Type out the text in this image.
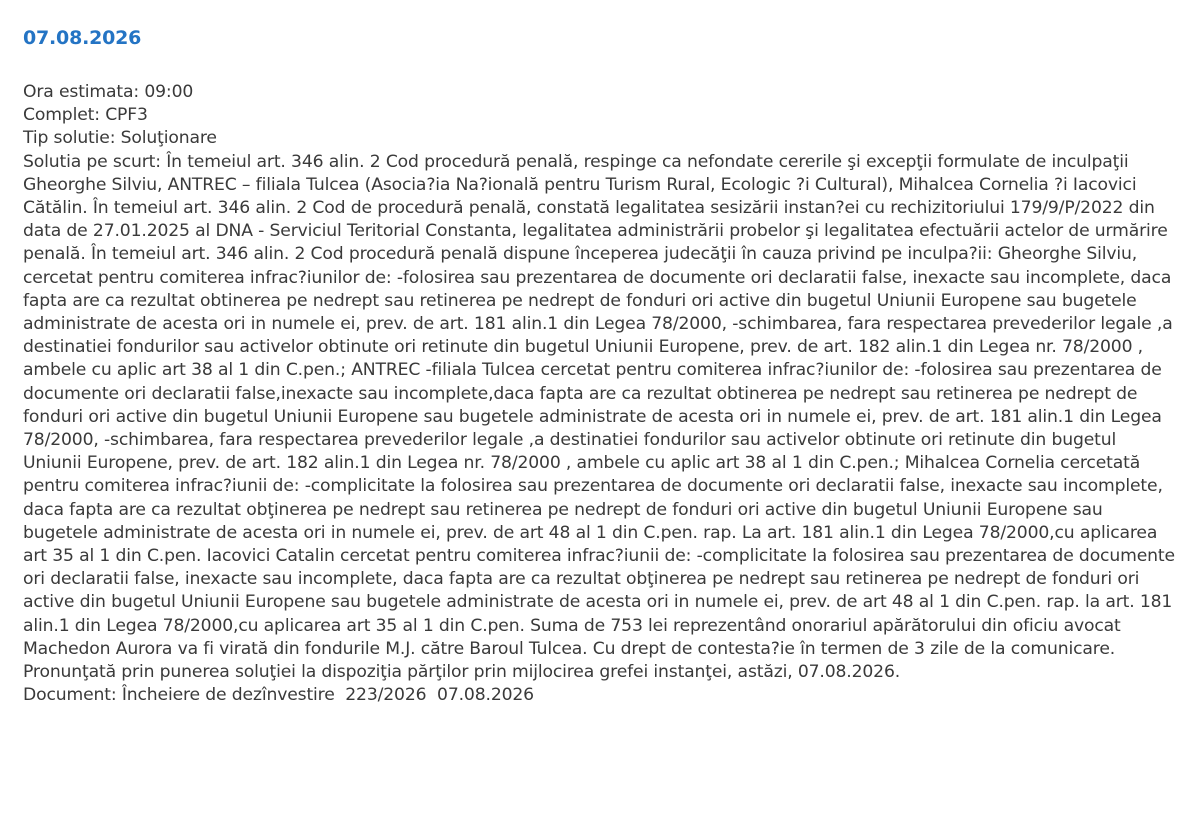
07.08.2026
Ora estimata: 09:00
Complet: CPF3
Tip solutie: Soluţionare
Solutia pe scurt: În temeiul art. 346 alin. 2 Cod procedură penală, respinge ca nefondate cererile şi excepţii formulate de inculpaţii Gheorghe Silviu, ANTREC – filiala Tulcea (Asocia?ia Na?ională pentru Turism Rural, Ecologic ?i Cultural), Mihalcea Cornelia ?i Iacovici Cătălin. În temeiul art. 346 alin. 2 Cod de procedură penală, constată legalitatea sesizării instan?ei cu rechizitoriului 179/9/P/2022 din data de 27.01.2025 al DNA - Serviciul Teritorial Constanta, legalitatea administrării probelor şi legalitatea efectuării actelor de urmărire penală. În temeiul art. 346 alin. 2 Cod procedură penală dispune începerea judecăţii în cauza privind pe inculpa?ii: Gheorghe Silviu, cercetat pentru comiterea infrac?iunilor de: -folosirea sau prezentarea de documente ori declaratii false, inexacte sau incomplete, daca fapta are ca rezultat obtinerea pe nedrept sau retinerea pe nedrept de fonduri ori active din bugetul Uniunii Europene sau bugetele administrate de acesta ori in numele ei, prev. de art. 181 alin.1 din Legea 78/2000, -schimbarea, fara respectarea prevederilor legale ,a destinatiei fondurilor sau activelor obtinute ori retinute din bugetul Uniunii Europene, prev. de art. 182 alin.1 din Legea nr. 78/2000 , ambele cu aplic art 38 al 1 din C.pen.; ANTREC -filiala Tulcea cercetat pentru comiterea infrac?iunilor de: -folosirea sau prezentarea de documente ori declaratii false,inexacte sau incomplete,daca fapta are ca rezultat obtinerea pe nedrept sau retinerea pe nedrept de fonduri ori active din bugetul Uniunii Europene sau bugetele administrate de acesta ori in numele ei, prev. de art. 181 alin.1 din Legea 78/2000, -schimbarea, fara respectarea prevederilor legale ,a destinatiei fondurilor sau activelor obtinute ori retinute din bugetul Uniunii Europene, prev. de art. 182 alin.1 din Legea nr. 78/2000 , ambele cu aplic art 38 al 1 din C.pen.; Mihalcea Cornelia cercetată pentru comiterea infrac?iunii de: -complicitate la folosirea sau prezentarea de documente ori declaratii false, inexacte sau incomplete, daca fapta are ca rezultat obţinerea pe nedrept sau retinerea pe nedrept de fonduri ori active din bugetul Uniunii Europene sau bugetele administrate de acesta ori in numele ei, prev. de art 48 al 1 din C.pen. rap. La art. 181 alin.1 din Legea 78/2000,cu aplicarea art 35 al 1 din C.pen. Iacovici Catalin cercetat pentru comiterea infrac?iunii de: -complicitate la folosirea sau prezentarea de documente ori declaratii false, inexacte sau incomplete, daca fapta are ca rezultat obţinerea pe nedrept sau retinerea pe nedrept de fonduri ori active din bugetul Uniunii Europene sau bugetele administrate de acesta ori in numele ei, prev. de art 48 al 1 din C.pen. rap. la art. 181 alin.1 din Legea 78/2000,cu aplicarea art 35 al 1 din C.pen. Suma de 753 lei reprezentând onorariul apărătorului din oficiu avocat Machedon Aurora va fi virată din fondurile M.J. către Baroul Tulcea. Cu drept de contesta?ie în termen de 3 zile de la comunicare. Pronunţată prin punerea soluţiei la dispoziţia părţilor prin mijlocirea grefei instanţei, astăzi, 07.08.2026.
Document: Încheiere de dezînvestire 223/2026 07.08.2026
